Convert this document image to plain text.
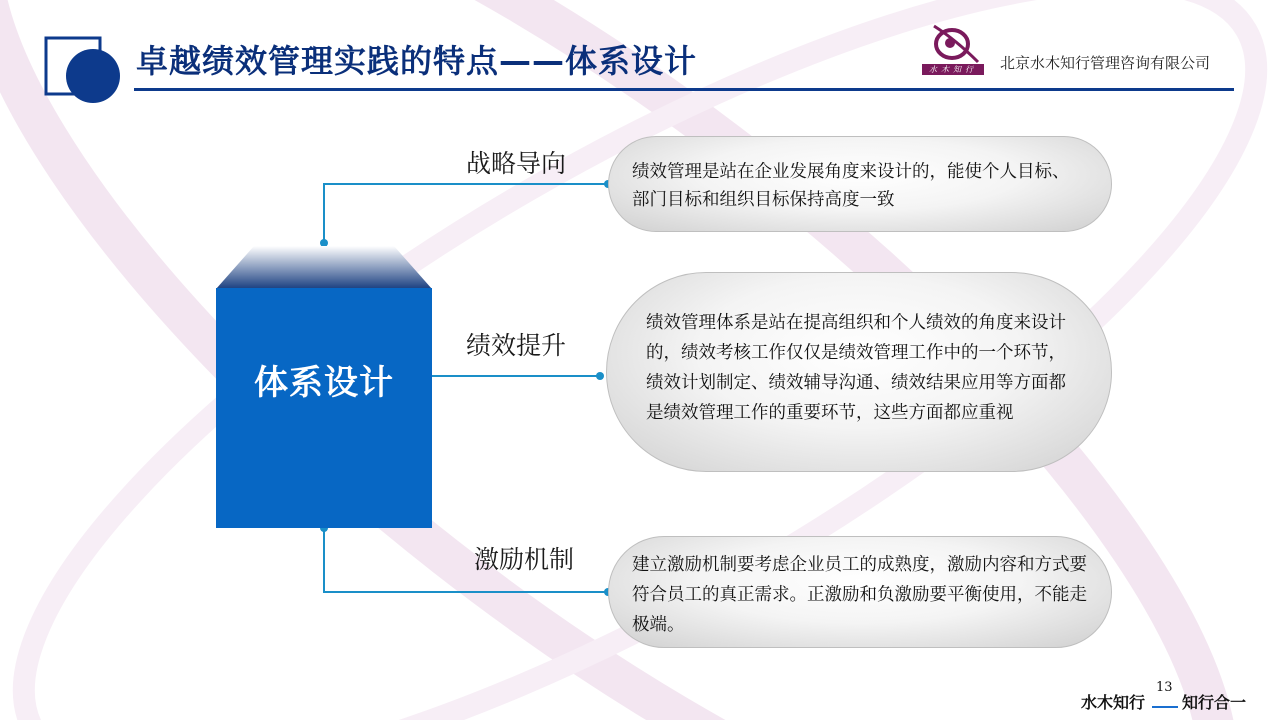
卓越绩效管理实践的特点——体系设计	水木知行	北京水木知行管理咨询有限公司
体系设计
战略导向
绩效提升
激励机制
绩效管理是站在企业发展角度来设计的，能使个人目标、部门目标和组织目标保持高度一致
绩效管理体系是站在提高组织和个人绩效的角度来设计的，绩效考核工作仅仅是绩效管理工作中的一个环节，绩效计划制定、绩效辅导沟通、绩效结果应用等方面都是绩效管理工作的重要环节，这些方面都应重视
建立激励机制要考虑企业员工的成熟度，激励内容和方式要符合员工的真正需求。正激励和负激励要平衡使用，不能走极端。
水木知行
13
知行合一
